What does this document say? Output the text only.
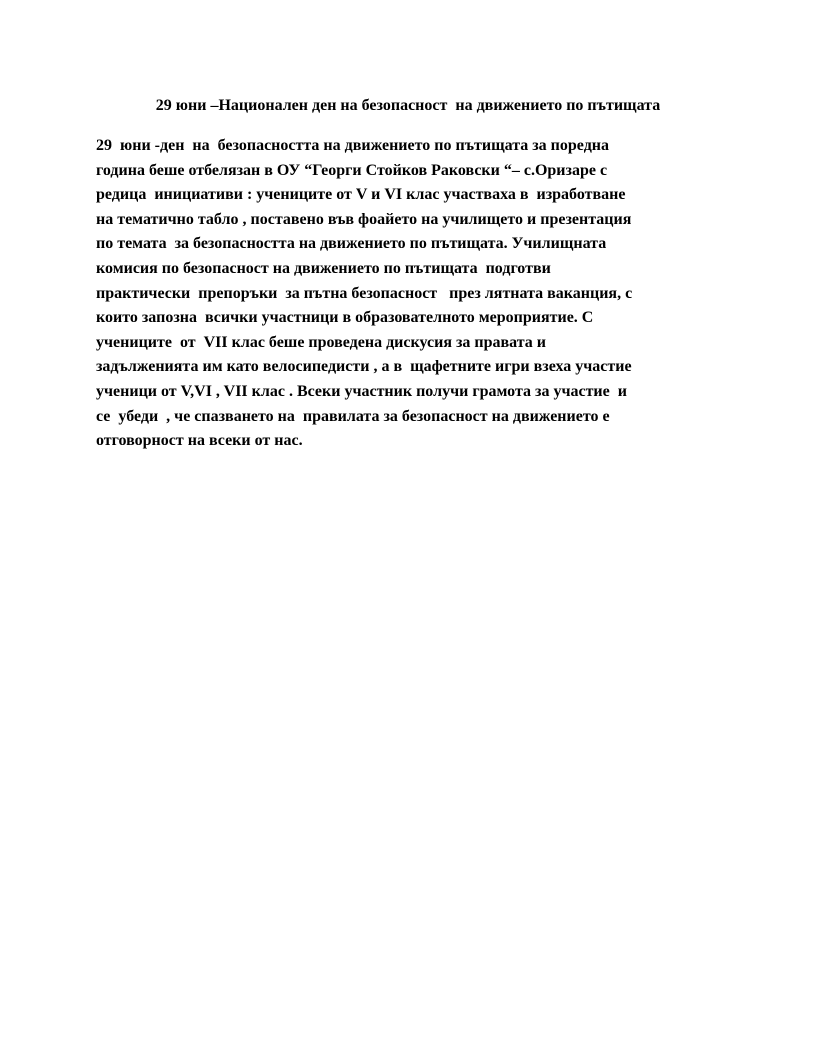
29 юни –Национален ден на безопасност  на движението по пътищата
29  юни -ден  на  безопасността на движението по пътищата за поредна
година беше отбелязан в ОУ “Георги Стойков Раковски “– с.Оризаре с
редица  инициативи : учениците от V и VI клас участваха в  изработване
на тематично табло , поставено във фоайето на училището и презентация
по темата  за безопасността на движението по пътищата. Училищната
комисия по безопасност на движението по пътищата  подготви
практически  препоръки  за пътна безопасност   през лятната ваканция, с
които запозна  всички участници в образователното мероприятие. С
учениците  от  VII клас беше проведена дискусия за правата и
задълженията им като велосипедисти , а в  щафетните игри взеха участие
ученици от V,VI , VII клас . Всеки участник получи грамота за участие  и
се  убеди  , че спазването на  правилата за безопасност на движението е
отговорност на всеки от нас.
